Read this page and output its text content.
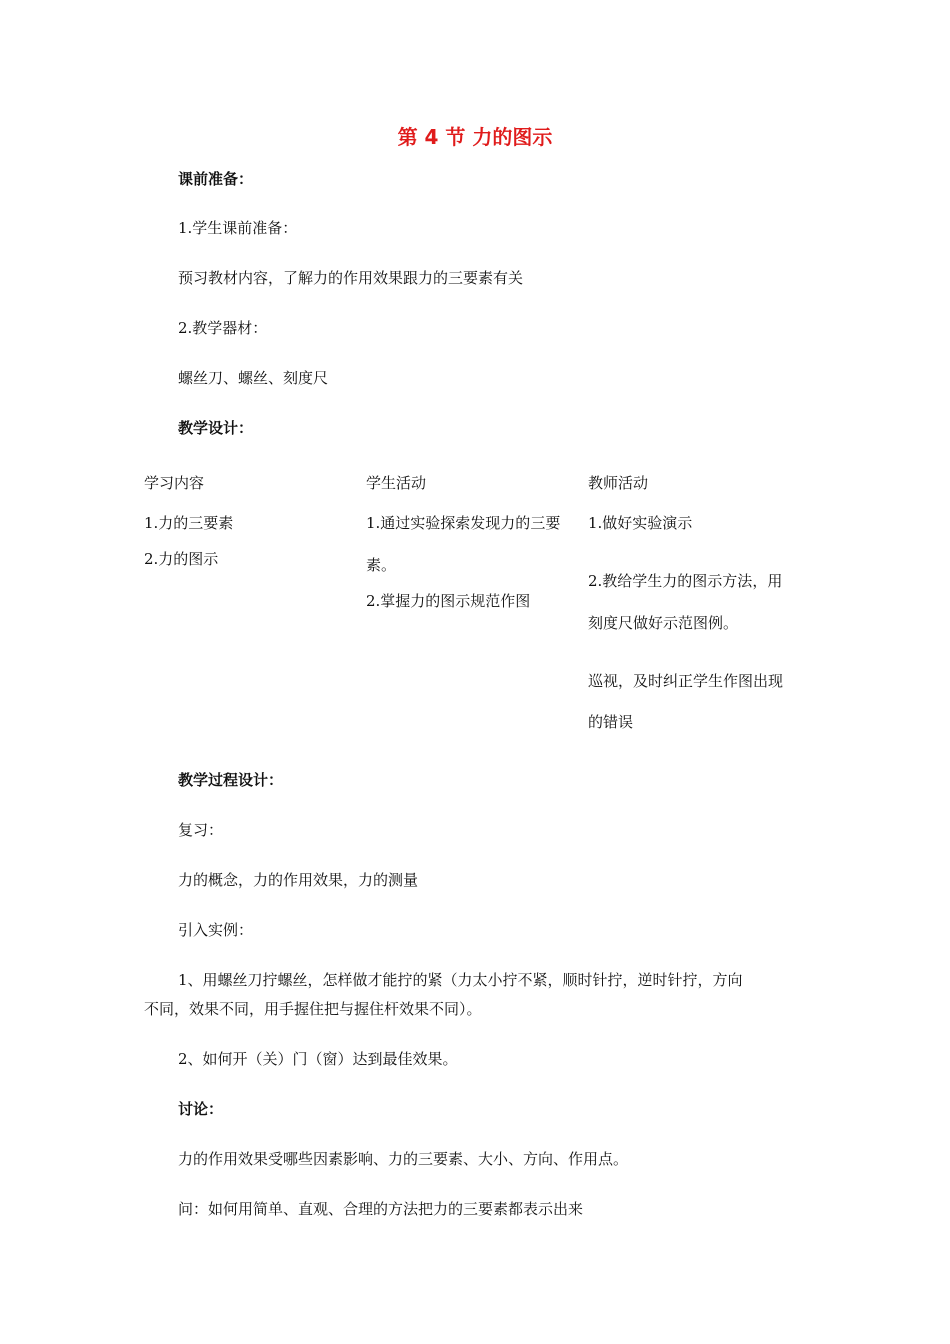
第 4 节 力的图示
课前准备：
1.学生课前准备：
预习教材内容，了解力的作用效果跟力的三要素有关
2.教学器材：
螺丝刀、螺丝、刻度尺
教学设计：
学习内容	学生活动	教师活动
1.力的三要素
2.力的图示
1.通过实验探索发现力的三要
素。
2.掌握力的图示规范作图
1.做好实验演示
2.教给学生力的图示方法，用
刻度尺做好示范图例。
巡视，及时纠正学生作图出现
的错误
教学过程设计：
复习：
力的概念，力的作用效果，力的测量
引入实例：
1、用螺丝刀拧螺丝，怎样做才能拧的紧（力太小拧不紧，顺时针拧，逆时针拧，方向
不同，效果不同，用手握住把与握住杆效果不同）。
2、如何开（关）门（窗）达到最佳效果。
讨论：
力的作用效果受哪些因素影响、力的三要素、大小、方向、作用点。
问：如何用简单、直观、合理的方法把力的三要素都表示出来
